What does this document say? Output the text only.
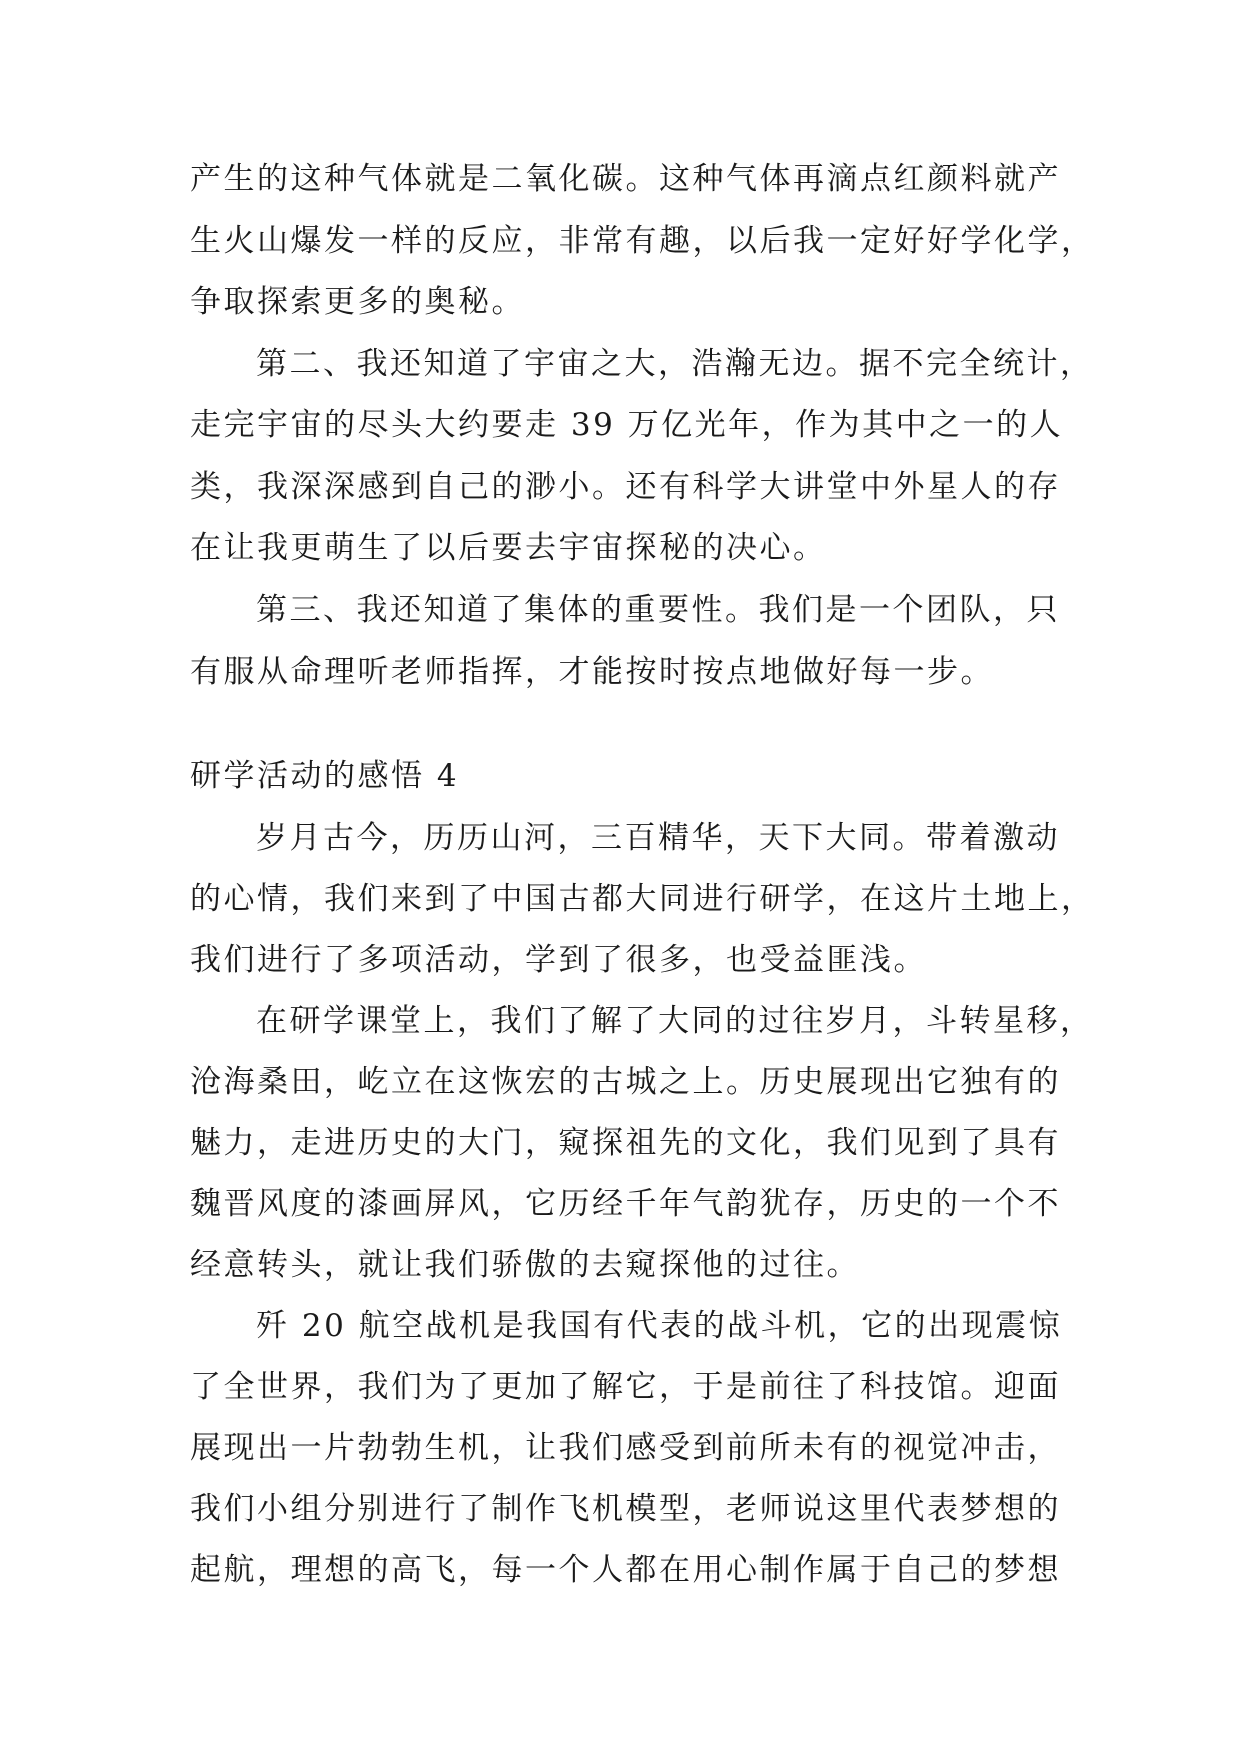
产生的这种气体就是二氧化碳。这种气体再滴点红颜料就产
生火山爆发一样的反应，非常有趣，以后我一定好好学化学，
争取探索更多的奥秘。
第二、我还知道了宇宙之大，浩瀚无边。据不完全统计，
走完宇宙的尽头大约要走 39 万亿光年，作为其中之一的人
类，我深深感到自己的渺小。还有科学大讲堂中外星人的存
在让我更萌生了以后要去宇宙探秘的决心。
第三、我还知道了集体的重要性。我们是一个团队，只
有服从命理听老师指挥，才能按时按点地做好每一步。
研学活动的感悟 4
岁月古今，历历山河，三百精华，天下大同。带着激动
的心情，我们来到了中国古都大同进行研学，在这片土地上，
我们进行了多项活动，学到了很多，也受益匪浅。
在研学课堂上，我们了解了大同的过往岁月，斗转星移，
沧海桑田，屹立在这恢宏的古城之上。历史展现出它独有的
魅力，走进历史的大门，窥探祖先的文化，我们见到了具有
魏晋风度的漆画屏风，它历经千年气韵犹存，历史的一个不
经意转头，就让我们骄傲的去窥探他的过往。
歼 20 航空战机是我国有代表的战斗机，它的出现震惊
了全世界，我们为了更加了解它，于是前往了科技馆。迎面
展现出一片勃勃生机，让我们感受到前所未有的视觉冲击，
我们小组分别进行了制作飞机模型，老师说这里代表梦想的
起航，理想的高飞，每一个人都在用心制作属于自己的梦想
